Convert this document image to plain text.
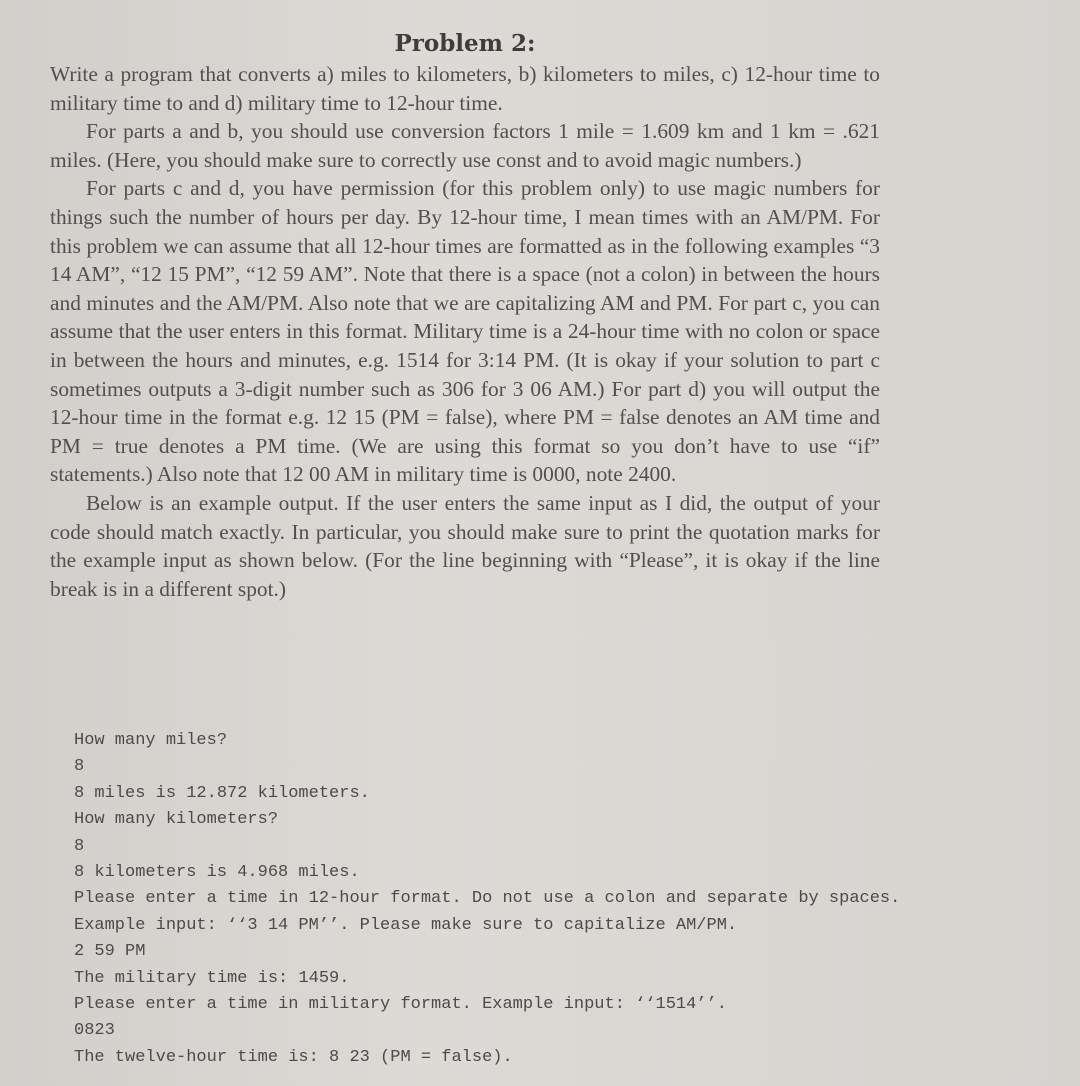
Problem 2:

Write a program that converts a) miles to kilometers, b) kilometers to miles, c) 12-hour time to military time to and d) military time to 12-hour time.

For parts a and b, you should use conversion factors 1 mile = 1.609 km and 1 km = .621 miles. (Here, you should make sure to correctly use const and to avoid magic numbers.)

For parts c and d, you have permission (for this problem only) to use magic numbers for things such the number of hours per day. By 12-hour time, I mean times with an AM/PM. For this problem we can assume that all 12-hour times are formatted as in the following examples “3 14 AM”, “12 15 PM”, “12 59 AM”. Note that there is a space (not a colon) in between the hours and minutes and the AM/PM. Also note that we are capitalizing AM and PM. For part c, you can assume that the user enters in this format. Military time is a 24-hour time with no colon or space in between the hours and minutes, e.g. 1514 for 3:14 PM. (It is okay if your solution to part c sometimes outputs a 3-digit number such as 306 for 3 06 AM.) For part d) you will output the 12-hour time in the format e.g. 12 15 (PM = false), where PM = false denotes an AM time and PM = true denotes a PM time. (We are using this format so you don’t have to use “if” statements.) Also note that 12 00 AM in military time is 0000, note 2400.

Below is an example output. If the user enters the same input as I did, the output of your code should match exactly. In particular, you should make sure to print the quotation marks for the example input as shown below. (For the line beginning with “Please”, it is okay if the line break is in a different spot.)

How many miles?
8
8 miles is 12.872 kilometers.
How many kilometers?
8
8 kilometers is 4.968 miles.
Please enter a time in 12-hour format. Do not use a colon and separate by spaces.
Example input: ‘‘3 14 PM’’. Please make sure to capitalize AM/PM.
2 59 PM
The military time is: 1459.
Please enter a time in military format. Example input: ‘‘1514’’.
0823
The twelve-hour time is: 8 23 (PM = false).
